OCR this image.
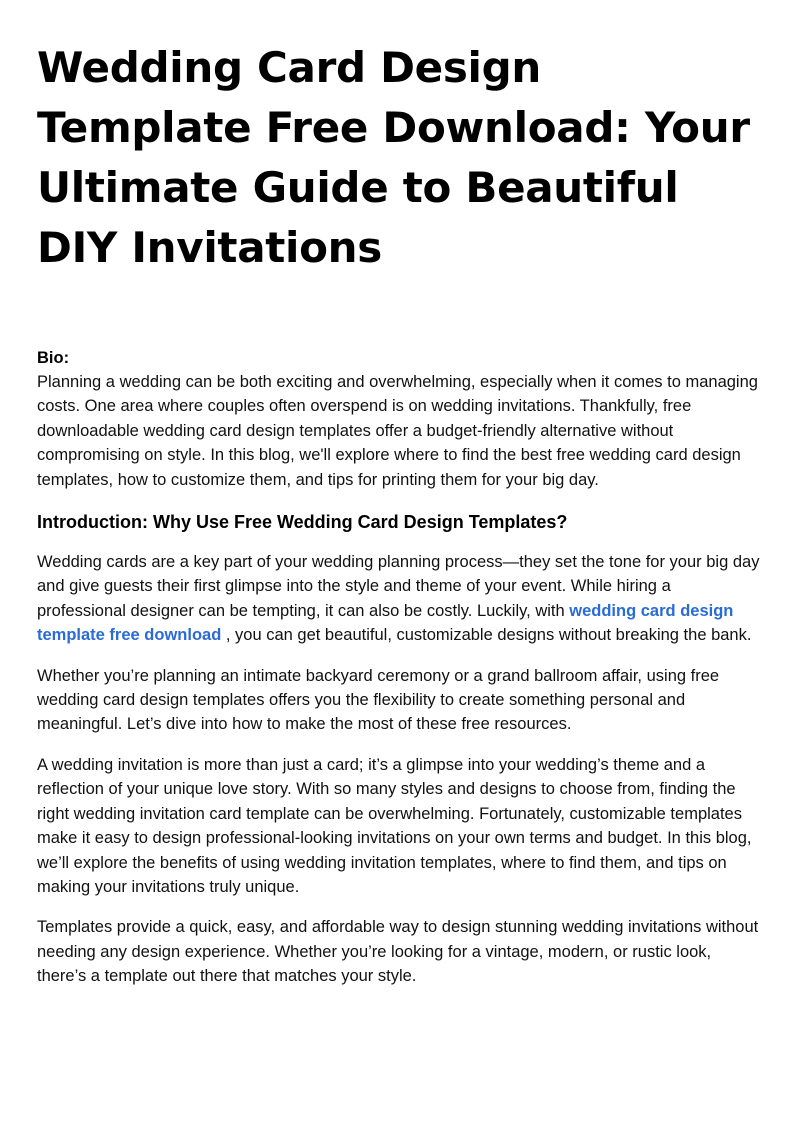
Wedding Card Design Template Free Download: Your Ultimate Guide to Beautiful DIY Invitations
Bio:

Planning a wedding can be both exciting and overwhelming, especially when it comes to managing costs. One area where couples often overspend is on wedding invitations. Thankfully, free downloadable wedding card design templates offer a budget-friendly alternative without compromising on style. In this blog, we'll explore where to find the best free wedding card design templates, how to customize them, and tips for printing them for your big day.

Introduction: Why Use Free Wedding Card Design Templates?

Wedding cards are a key part of your wedding planning process—they set the tone for your big day and give guests their first glimpse into the style and theme of your event. While hiring a professional designer can be tempting, it can also be costly. Luckily, with wedding card design template free download , you can get beautiful, customizable designs without breaking the bank.

Whether you’re planning an intimate backyard ceremony or a grand ballroom affair, using free wedding card design templates offers you the flexibility to create something personal and meaningful. Let’s dive into how to make the most of these free resources.

A wedding invitation is more than just a card; it’s a glimpse into your wedding’s theme and a reflection of your unique love story. With so many styles and designs to choose from, finding the right wedding invitation card template can be overwhelming. Fortunately, customizable templates make it easy to design professional-looking invitations on your own terms and budget. In this blog, we’ll explore the benefits of using wedding invitation templates, where to find them, and tips on making your invitations truly unique.

Templates provide a quick, easy, and affordable way to design stunning wedding invitations without needing any design experience. Whether you’re looking for a vintage, modern, or rustic look, there’s a template out there that matches your style.
